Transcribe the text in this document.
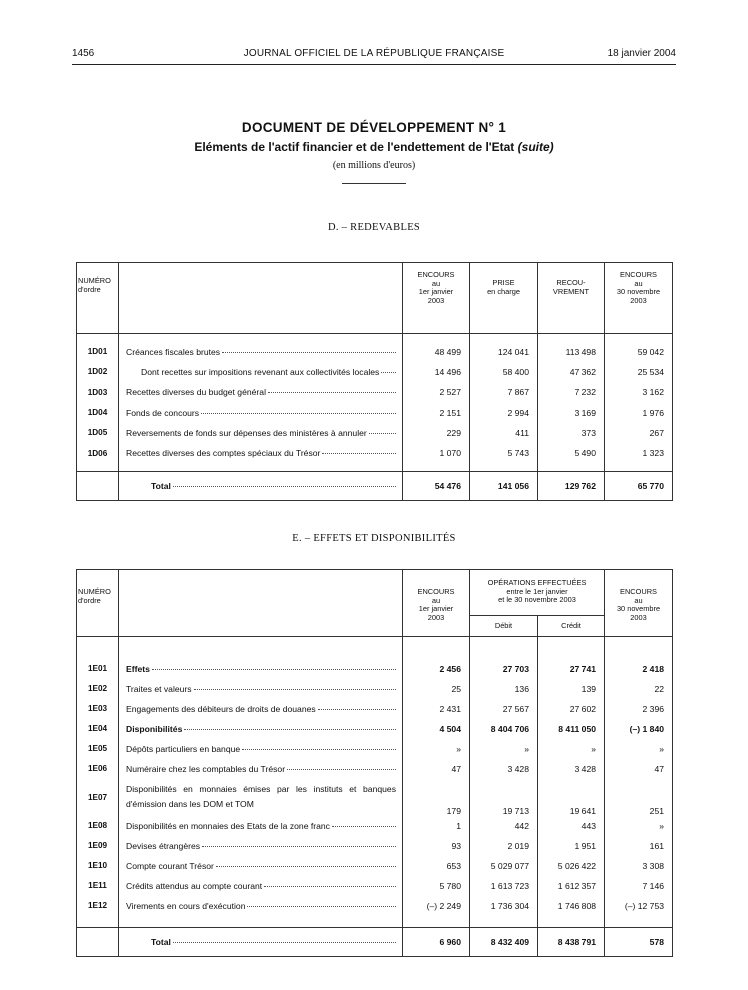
1456	JOURNAL OFFICIEL DE LA RÉPUBLIQUE FRANÇAISE	18 janvier 2004
DOCUMENT DE DÉVELOPPEMENT N° 1
Eléments de l'actif financier et de l'endettement de l'Etat (suite)
(en millions d'euros)
D. – REDEVABLES
NUMÉRO
d'ordre		ENCOURS
au
1er janvier
2003	PRISE
en charge	RECOU-
VREMENT	ENCOURS
au
30 novembre
2003

1D01	Créances fiscales brutes	48 499	124 041	113 498	59 042
1D02	Dont recettes sur impositions revenant aux collectivités locales	14 496	58 400	47 362	25 534
1D03	Recettes diverses du budget général	2 527	7 867	7 232	3 162
1D04	Fonds de concours	2 151	2 994	3 169	1 976
1D05	Reversements de fonds sur dépenses des ministères à annuler	229	411	373	267
1D06	Recettes diverses des comptes spéciaux du Trésor	1 070	5 743	5 490	1 323

	Total	54 476	141 056	129 762	65 770
E. – EFFETS ET DISPONIBILITÉS
NUMÉRO
d'ordre		ENCOURS
au
1er janvier
2003	OPÉRATIONS EFFECTUÉES
entre le 1er janvier
et le 30 novembre 2003		ENCOURS
au
30 novembre
2003
			Débit	Crédit	

1E01	Effets	2 456	27 703	27 741	2 418
1E02	Traites et valeurs	25	136	139	22
1E03	Engagements des débiteurs de droits de douanes	2 431	27 567	27 602	2 396
1E04	Disponibilités	4 504	8 404 706	8 411 050	(–) 1 840
1E05	Dépôts particuliers en banque	»	»	»	»
1E06	Numéraire chez les comptables du Trésor	47	3 428	3 428	47
1E07	Disponibilités en monnaies émises par les instituts et banques d'émission dans les DOM et TOM	179	19 713	19 641	251
1E08	Disponibilités en monnaies des Etats de la zone franc	1	442	443	»
1E09	Devises étrangères	93	2 019	1 951	161
1E10	Compte courant Trésor	653	5 029 077	5 026 422	3 308
1E11	Crédits attendus au compte courant	5 780	1 613 723	1 612 357	7 146
1E12	Virements en cours d'exécution	(–) 2 249	1 736 304	1 746 808	(–) 12 753

	Total	6 960	8 432 409	8 438 791	578
